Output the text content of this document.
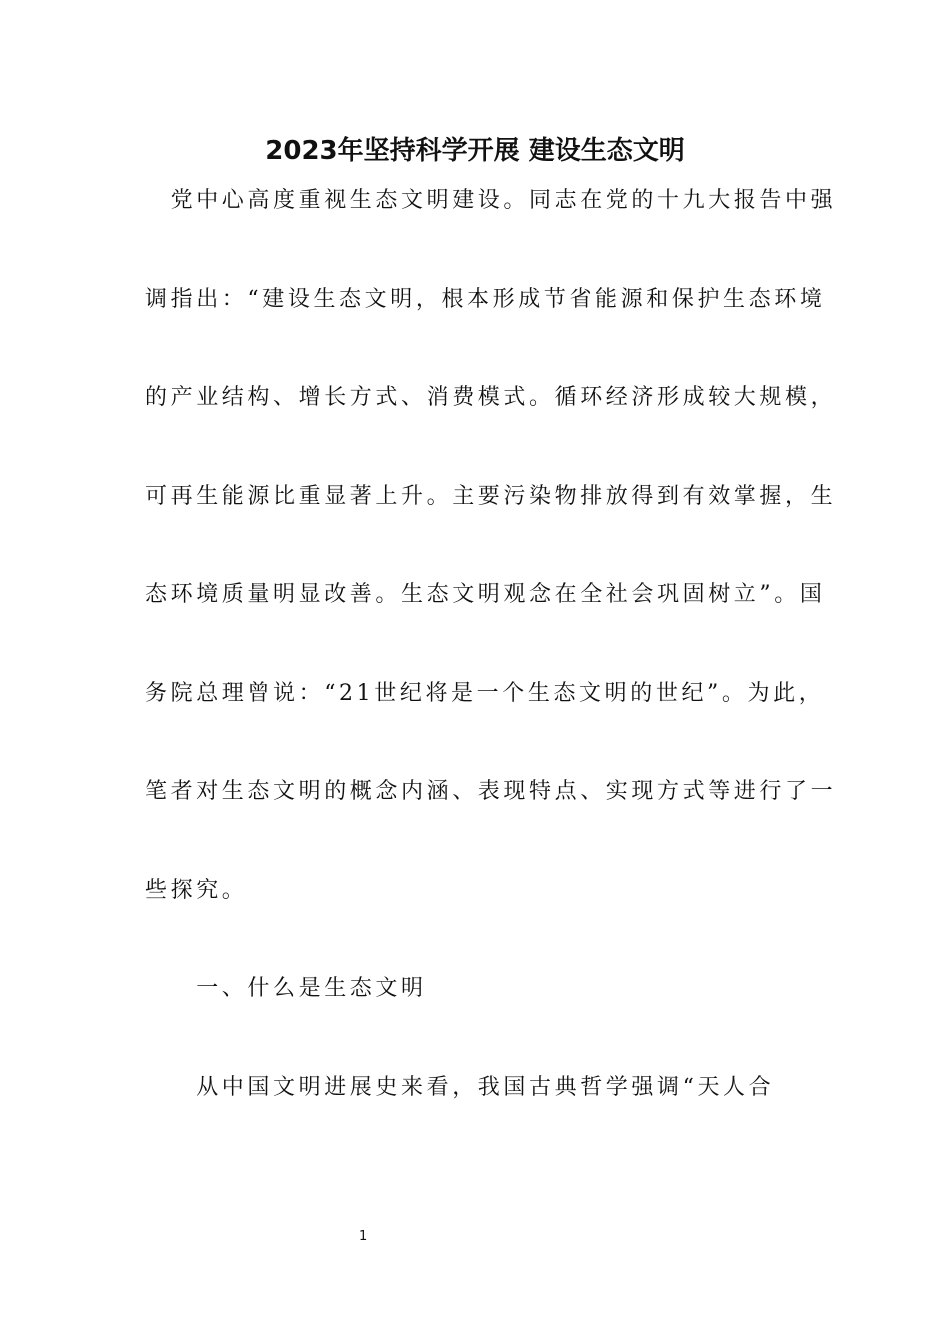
2023年坚持科学开展 建设生态文明
　党中心高度重视生态文明建设。同志在党的十九大报告中强
调指出：“建设生态文明，根本形成节省能源和保护生态环境
的产业结构、增长方式、消费模式。循环经济形成较大规模，
可再生能源比重显著上升。主要污染物排放得到有效掌握，生
态环境质量明显改善。生态文明观念在全社会巩固树立”。国
务院总理曾说：“21世纪将是一个生态文明的世纪”。为此，
笔者对生态文明的概念内涵、表现特点、实现方式等进行了一
些探究。
　　一、什么是生态文明
　　从中国文明进展史来看，我国古典哲学强调“天人合
1
